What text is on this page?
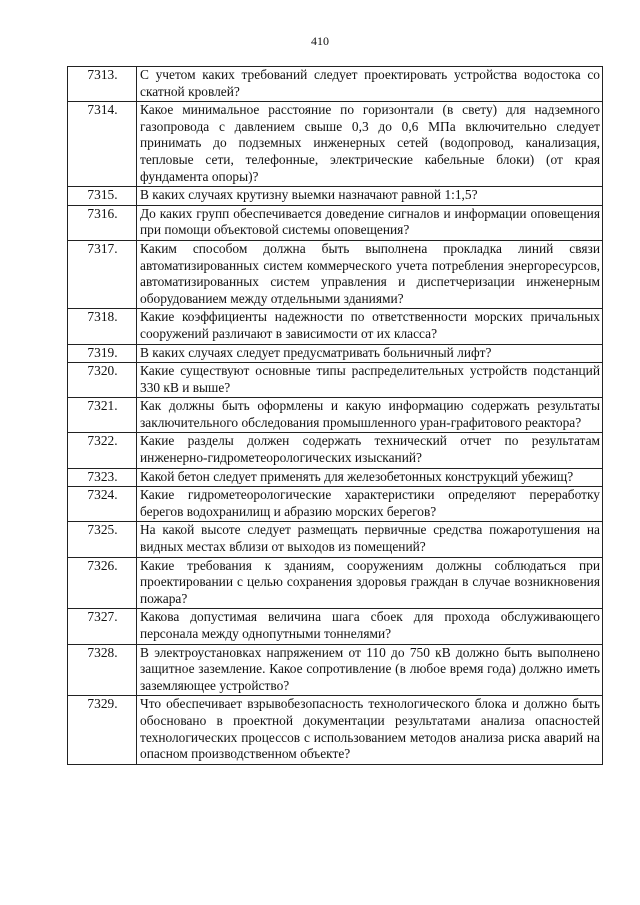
410
7313.	С учетом каких требований следует проектировать устройства водостока со скатной кровлей?
7314.	Какое минимальное расстояние по горизонтали (в свету) для надземного газопровода с давлением свыше 0,3 до 0,6 МПа включительно следует принимать до подземных инженерных сетей (водопровод, канализация, тепловые сети, телефонные, электрические кабельные блоки) (от края фундамента опоры)?
7315.	В каких случаях крутизну выемки назначают равной 1:1,5?
7316.	До каких групп обеспечивается доведение сигналов и информации оповещения при помощи объектовой системы оповещения?
7317.	Каким способом должна быть выполнена прокладка линий связи автоматизированных систем коммерческого учета потребления энергоресурсов, автоматизированных систем управления и диспетчеризации инженерным оборудованием между отдельными зданиями?
7318.	Какие коэффициенты надежности по ответственности морских причальных сооружений различают в зависимости от их класса?
7319.	В каких случаях следует предусматривать больничный лифт?
7320.	Какие существуют основные типы распределительных устройств подстанций 330 кВ и выше?
7321.	Как должны быть оформлены и какую информацию содержать результаты заключительного обследования промышленного уран-графитового реактора?
7322.	Какие разделы должен содержать технический отчет по результатам инженерно-гидрометеорологических изысканий?
7323.	Какой бетон следует применять для железобетонных конструкций убежищ?
7324.	Какие гидрометеорологические характеристики определяют переработку берегов водохранилищ и абразию морских берегов?
7325.	На какой высоте следует размещать первичные средства пожаротушения на видных местах вблизи от выходов из помещений?
7326.	Какие требования к зданиям, сооружениям должны соблюдаться при проектировании с целью сохранения здоровья граждан в случае возникновения пожара?
7327.	Какова допустимая величина шага сбоек для прохода обслуживающего персонала между однопутными тоннелями?
7328.	В электроустановках напряжением от 110 до 750 кВ должно быть выполнено защитное заземление. Какое сопротивление (в любое время года) должно иметь заземляющее устройство?
7329.	Что обеспечивает взрывобезопасность технологического блока и должно быть обосновано в проектной документации результатами анализа опасностей технологических процессов с использованием методов анализа риска аварий на опасном производственном объекте?
